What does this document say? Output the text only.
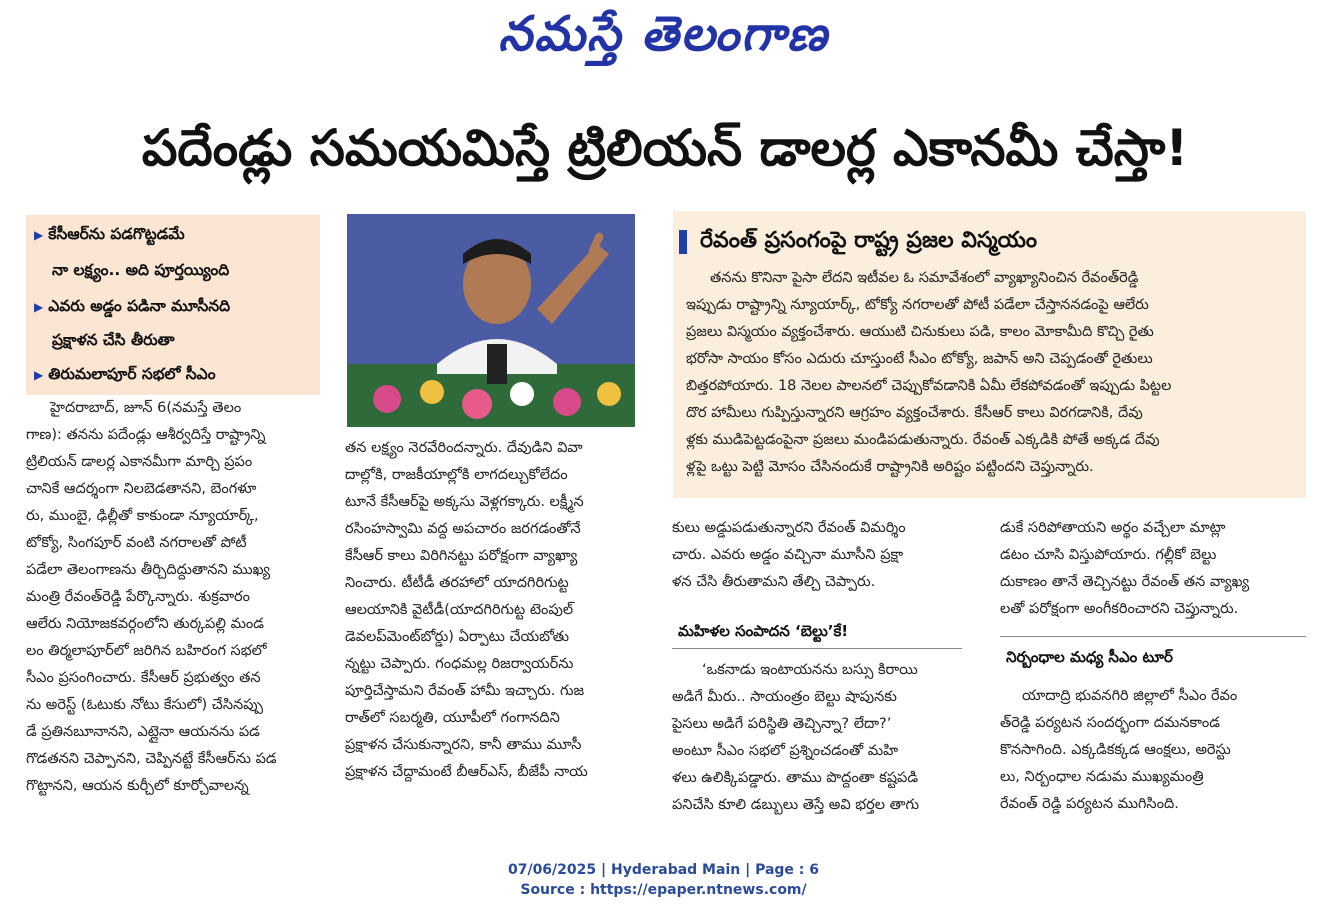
నమస్తే తెలంగాణ
పదేండ్లు సమయమిస్తే ట్రిలియన్ డాలర్ల ఎకానమీ చేస్తా!
▶ కేసీఆర్‌ను పడగొట్టడమే
నా లక్ష్యం.. అది పూర్తయ్యింది
▶ ఎవరు అడ్డం పడినా మూసీనది
ప్రక్షాళన చేసి తీరుతా
▶ తిరుమలాపూర్ సభలో సీఎం
హైదరాబాద్, జూన్ 6(నమస్తే తెలం
గాణ): తనను పదేండ్లు ఆశీర్వదిస్తే రాష్ట్రాన్ని
ట్రిలియన్ డాలర్ల ఎకానమీగా మార్చి ప్రపం
చానికే ఆదర్శంగా నిలబెడతానని, బెంగళూ
రు, ముంబై, ఢిల్లీతో కాకుండా న్యూయార్క్,
టోక్యో, సింగపూర్ వంటి నగరాలతో పోటీ
పడేలా తెలంగాణను తీర్చిదిద్దుతానని ముఖ్య
మంత్రి రేవంత్‌రెడ్డి పేర్కొన్నారు. శుక్రవారం
ఆలేరు నియోజకవర్గంలోని తుర్కపల్లి మండ
లం తిర్మలాపూర్‌లో జరిగిన బహిరంగ సభలో
సీఎం ప్రసంగించారు. కేసీఆర్ ప్రభుత్వం తన
ను అరెస్ట్ (ఓటుకు నోటు కేసులో) చేసినప్పు
డే ప్రతినబూనానని, ఎట్లైనా ఆయనను పడ
గొడతనని చెప్పానని, చెప్పినట్టే కేసీఆర్‌ను పడ
గొట్టానని, ఆయన కుర్చీలో కూర్చోవాలన్న
తన లక్ష్యం నెరవేరిందన్నారు. దేవుడిని వివా
దాల్లోకి, రాజకీయాల్లోకి లాగదల్చుకోలేదం
టూనే కేసీఆర్‌పై అక్కసు వెళ్లగక్కారు. లక్ష్మీన
రసింహస్వామి వద్ద అపచారం జరగడంతోనే
కేసీఆర్ కాలు విరిగినట్టు పరోక్షంగా వ్యాఖ్యా
నించారు. టీటీడీ తరహాలో యాదగిరిగుట్ట
ఆలయానికి వైటీడీ(యాదగిరిగుట్ట టెంపుల్
డెవలప్‌మెంట్‌బోర్డు) ఏర్పాటు చేయబోతు
న్నట్టు చెప్పారు. గంధమల్ల రిజర్వాయర్‌ను
పూర్తిచేస్తామని రేవంత్ హామీ ఇచ్చారు. గుజ
రాత్‌లో సబర్మతి, యూపీలో గంగానదిని
ప్రక్షాళన చేసుకున్నారని, కానీ తాము మూసీ
ప్రక్షాళన చేద్దామంటే బీఆర్ఎస్, బీజేపీ నాయ
రేవంత్ ప్రసంగంపై రాష్ట్ర ప్రజల విస్మయం
తనను కొనినా పైసా లేదని ఇటీవల ఓ సమావేశంలో వ్యాఖ్యానించిన రేవంత్‌రెడ్డి
ఇప్పుడు రాష్ట్రాన్ని న్యూయార్క్, టోక్యో నగరాలతో పోటీ పడేలా చేస్తాననడంపై ఆలేరు
ప్రజలు విస్మయం వ్యక్తంచేశారు. ఆయుటి చినుకులు పడి, కాలం మోకామీది కొచ్చి రైతు
భరోసా సాయం కోసం ఎదురు చూస్తుంటే సీఎం టోక్యో, జపాన్ అని చెప్పడంతో రైతులు
బిత్తరపోయారు. 18 నెలల పాలనలో చెప్పుకోవడానికి ఏమీ లేకపోవడంతో ఇప్పుడు పిట్టల
దొర హామీలు గుప్పిస్తున్నారని ఆగ్రహం వ్యక్తంచేశారు. కేసీఆర్ కాలు విరగడానికి, దేవు
ళ్లకు ముడిపెట్టడంపైనా ప్రజలు మండిపడుతున్నారు. రేవంత్ ఎక్కడికి పోతే అక్కడ దేవు
ళ్లపై ఒట్టు పెట్టి మోసం చేసినందుకే రాష్ట్రానికి అరిష్టం పట్టిందని చెప్తున్నారు.
కులు అడ్డుపడుతున్నారని రేవంత్ విమర్శిం
చారు. ఎవరు అడ్డం వచ్చినా మూసీని ప్రక్షా
ళన చేసి తీరుతామని తేల్చి చెప్పారు.
మహిళల సంపాదన ‘బెల్టు’కే!
‘ఒకనాడు ఇంటాయనను బస్సు కిరాయి
అడిగే మీరు.. సాయంత్రం బెల్టు షాపునకు
పైసలు అడిగే పరిస్థితి తెచ్చిన్నా? లేదా?’
అంటూ సీఎం సభలో ప్రశ్నించడంతో మహి
ళలు ఉలిక్కిపడ్డారు. తాము పొద్దంతా కష్టపడి
పనిచేసి కూలి డబ్బులు తెస్తే అవి భర్తల తాగు
డుకే సరిపోతాయని అర్థం వచ్చేలా మాట్లా
డటం చూసి విస్తుపోయారు. గల్లీకో బెల్టు
దుకాణం తానే తెచ్చినట్టు రేవంత్ తన వ్యాఖ్య
లతో పరోక్షంగా అంగీకరించారని చెప్తున్నారు.
నిర్బంధాల మధ్య సీఎం టూర్
యాదాద్రి భువనగిరి జిల్లాలో సీఎం రేవం
త్‌రెడ్డి పర్యటన సందర్భంగా దమనకాండ
కొనసాగింది. ఎక్కడికక్కడ ఆంక్షలు, అరెస్టు
లు, నిర్బంధాల నడుమ ముఖ్యమంత్రి
రేవంత్ రెడ్డి పర్యటన ముగిసింది.
07/06/2025 | Hyderabad Main | Page : 6
Source : https://epaper.ntnews.com/
